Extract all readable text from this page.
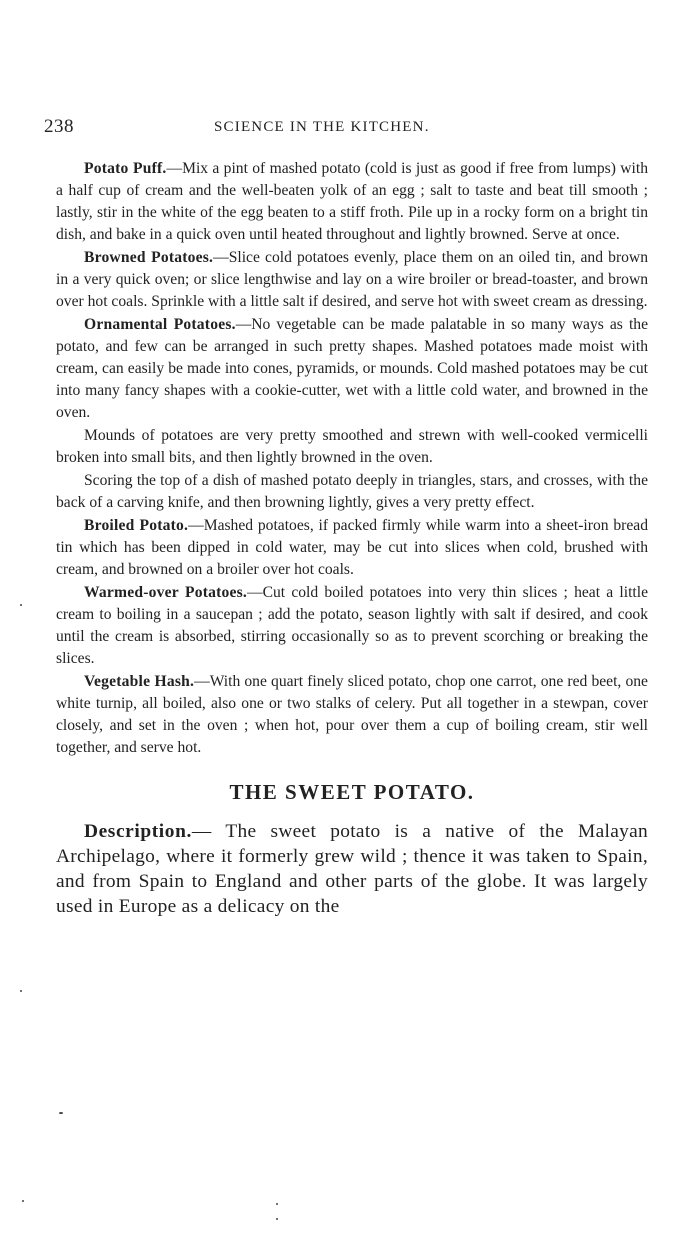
238	SCIENCE IN THE KITCHEN.

Potato Puff.—Mix a pint of mashed potato (cold is just as good if free from lumps) with a half cup of cream and the well-beaten yolk of an egg ; salt to taste and beat till smooth ; lastly, stir in the white of the egg beaten to a stiff froth. Pile up in a rocky form on a bright tin dish, and bake in a quick oven until heated throughout and lightly browned. Serve at once.

Browned Potatoes.—Slice cold potatoes evenly, place them on an oiled tin, and brown in a very quick oven; or slice lengthwise and lay on a wire broiler or bread-toaster, and brown over hot coals. Sprinkle with a little salt if desired, and serve hot with sweet cream as dressing.

Ornamental Potatoes.—No vegetable can be made palatable in so many ways as the potato, and few can be arranged in such pretty shapes. Mashed potatoes made moist with cream, can easily be made into cones, pyramids, or mounds. Cold mashed potatoes may be cut into many fancy shapes with a cookie-cutter, wet with a little cold water, and browned in the oven.

Mounds of potatoes are very pretty smoothed and strewn with well-cooked vermicelli broken into small bits, and then lightly browned in the oven.

Scoring the top of a dish of mashed potato deeply in triangles, stars, and crosses, with the back of a carving knife, and then browning lightly, gives a very pretty effect.

Broiled Potato.—Mashed potatoes, if packed firmly while warm into a sheet-iron bread tin which has been dipped in cold water, may be cut into slices when cold, brushed with cream, and browned on a broiler over hot coals.

Warmed-over Potatoes.—Cut cold boiled potatoes into very thin slices ; heat a little cream to boiling in a saucepan ; add the potato, season lightly with salt if desired, and cook until the cream is absorbed, stirring occasionally so as to prevent scorching or breaking the slices.

Vegetable Hash.—With one quart finely sliced potato, chop one carrot, one red beet, one white turnip, all boiled, also one or two stalks of celery. Put all together in a stewpan, cover closely, and set in the oven ; when hot, pour over them a cup of boiling cream, stir well together, and serve hot.

THE SWEET POTATO.

Description.— The sweet potato is a native of the Malayan Archipelago, where it formerly grew wild ; thence it was taken to Spain, and from Spain to England and other parts of the globe. It was largely used in Europe as a delicacy on the
